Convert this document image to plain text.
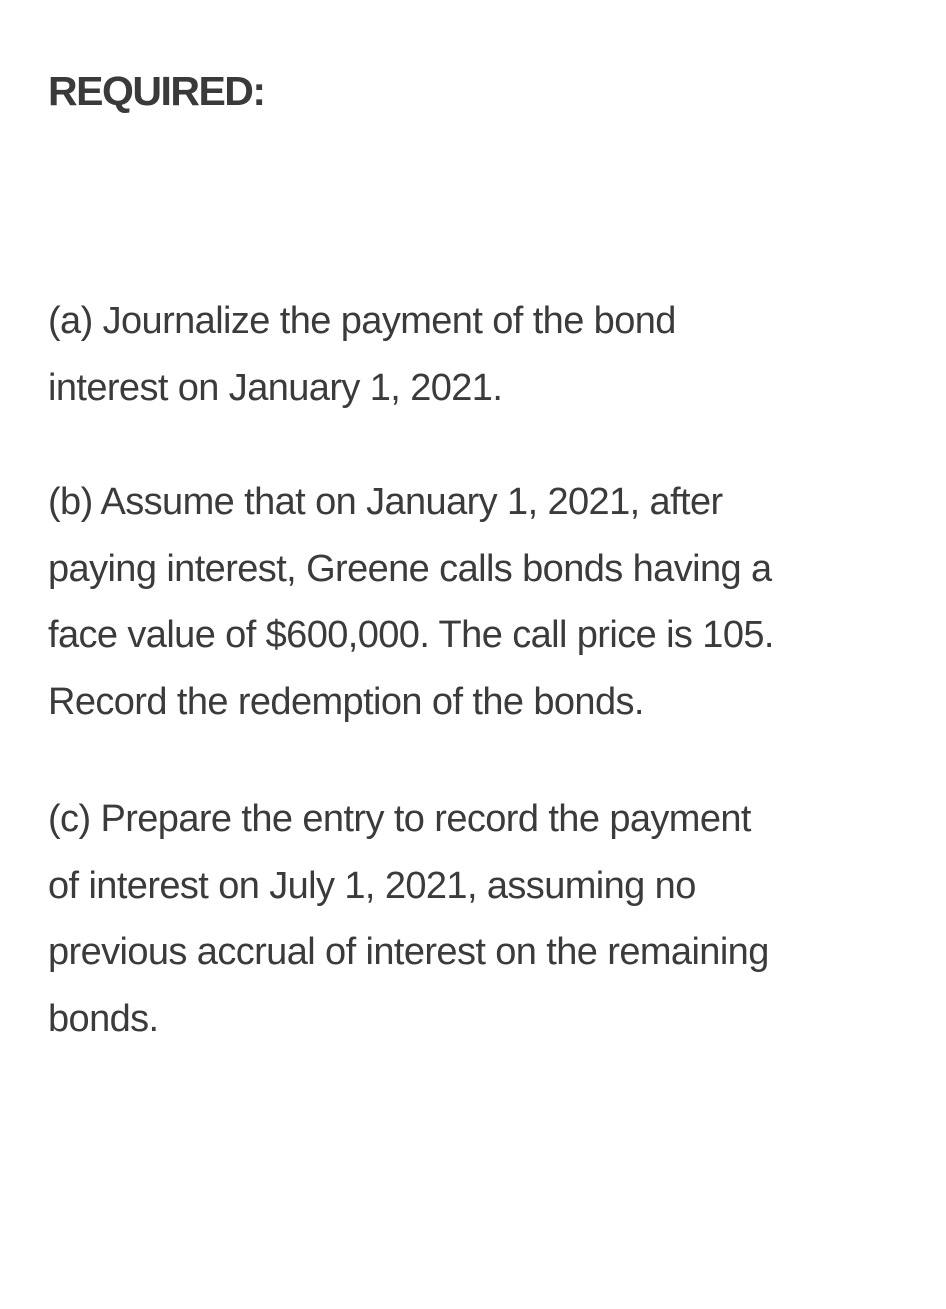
REQUIRED:

(a) Journalize the payment of the bond
interest on January 1, 2021.

(b) Assume that on January 1, 2021, after
paying interest, Greene calls bonds having a
face value of $600,000. The call price is 105.
Record the redemption of the bonds.

(c) Prepare the entry to record the payment
of interest on July 1, 2021, assuming no
previous accrual of interest on the remaining
bonds.
